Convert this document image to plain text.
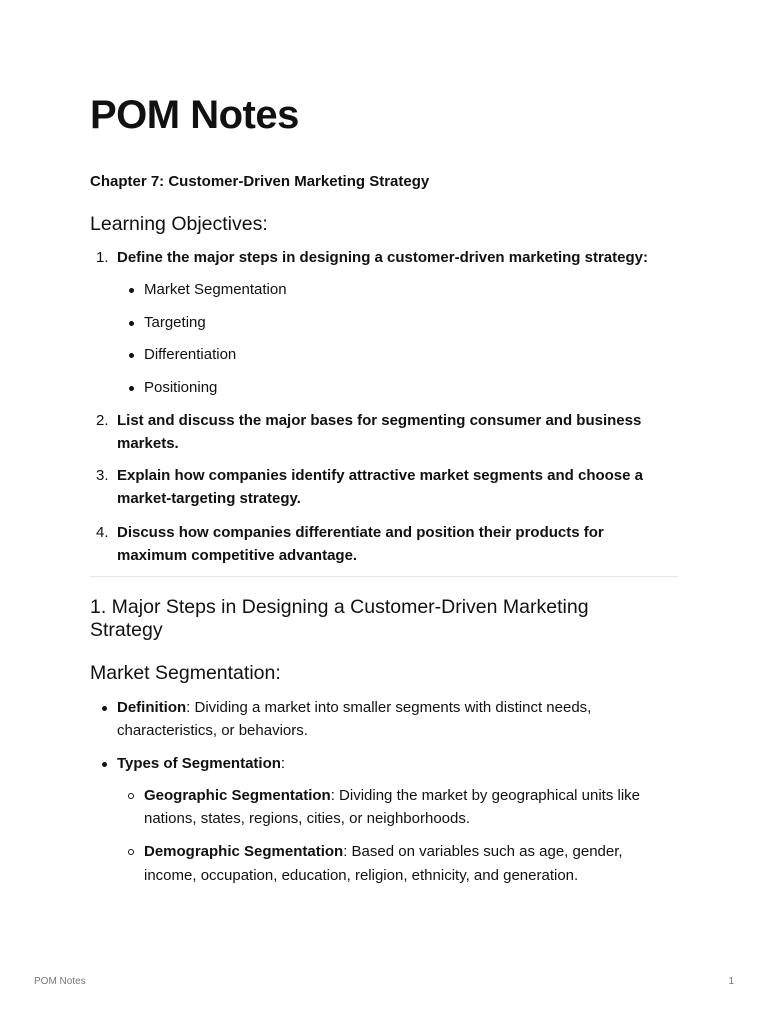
POM Notes

Chapter 7: Customer-Driven Marketing Strategy

Learning Objectives:
1. Define the major steps in designing a customer-driven marketing strategy:
Market Segmentation
Targeting
Differentiation
Positioning
2. List and discuss the major bases for segmenting consumer and business
markets.
3. Explain how companies identify attractive market segments and choose a
market-targeting strategy.
4. Discuss how companies differentiate and position their products for
maximum competitive advantage.
1. Major Steps in Designing a Customer-Driven Marketing
Strategy
Market Segmentation:
Definition: Dividing a market into smaller segments with distinct needs,
characteristics, or behaviors.
Types of Segmentation:
Geographic Segmentation: Dividing the market by geographical units like
nations, states, regions, cities, or neighborhoods.
Demographic Segmentation: Based on variables such as age, gender,
income, occupation, education, religion, ethnicity, and generation.
POM Notes	1
